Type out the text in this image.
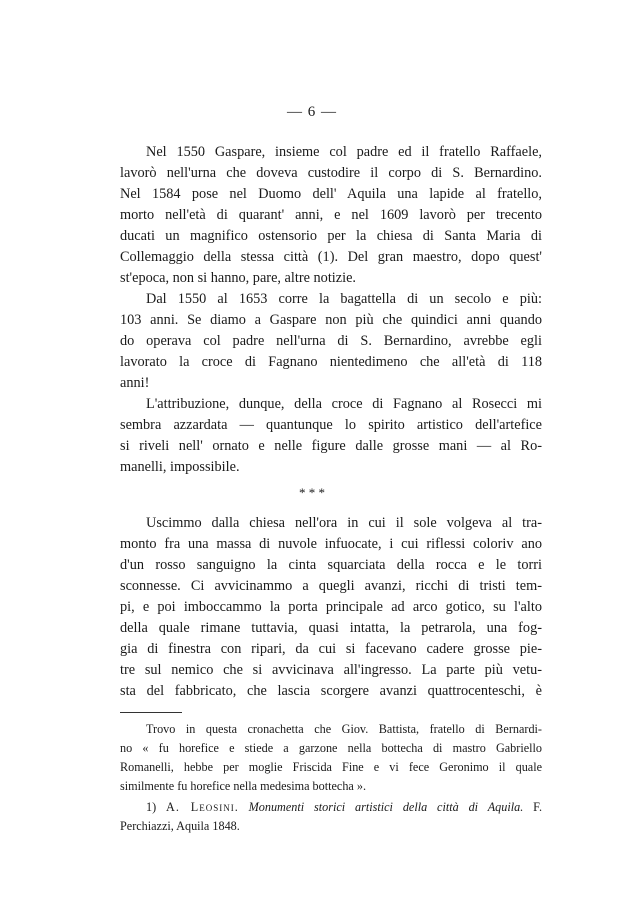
— 6 —
Nel 1550 Gaspare, insieme col padre ed il fratello Raffaele,
lavorò nell'urna che doveva custodire il corpo di S. Bernardino.
Nel 1584 pose nel Duomo dell' Aquila una lapide al fratello,
morto nell'età di quarant' anni, e nel 1609 lavorò per trecento
ducati un magnifico ostensorio per la chiesa di Santa Maria di
Collemaggio della stessa città (1). Del gran maestro, dopo quest'
st'epoca, non si hanno, pare, altre notizie.
Dal 1550 al 1653 corre la bagattella di un secolo e più:
103 anni. Se diamo a Gaspare non più che quindici anni quando
do operava col padre nell'urna di S. Bernardino, avrebbe egli
lavorato la croce di Fagnano nientedimeno che all'età di 118
anni!
L'attribuzione, dunque, della croce di Fagnano al Rosecci mi
sembra azzardata — quantunque lo spirito artistico dell'artefice
si riveli nell' ornato e nelle figure dalle grosse mani — al Ro-
manelli, impossibile.
* * *
Uscimmo dalla chiesa nell'ora in cui il sole volgeva al tra-
monto fra una massa di nuvole infuocate, i cui riflessi coloriv ano
d'un rosso sanguigno la cinta squarciata della rocca e le torri
sconnesse. Ci avvicinammo a quegli avanzi, ricchi di tristi tem-
pi, e poi imboccammo la porta principale ad arco gotico, su l'alto
della quale rimane tuttavia, quasi intatta, la petrarola, una fog-
gia di finestra con ripari, da cui si facevano cadere grosse pie-
tre sul nemico che si avvicinava all'ingresso. La parte più vetu-
sta del fabbricato, che lascia scorgere avanzi quattrocenteschi, è
Trovo in questa cronachetta che Giov. Battista, fratello di Bernardi-
no « fu horefice e stiede a garzone nella bottecha di mastro Gabriello
Romanelli, hebbe per moglie Friscida Fine e vi fece Geronimo il quale
similmente fu horefice nella medesima bottecha ».
1) A. Leosini. Monumenti storici artistici della città di Aquila. F.
Perchiazzi, Aquila 1848.
